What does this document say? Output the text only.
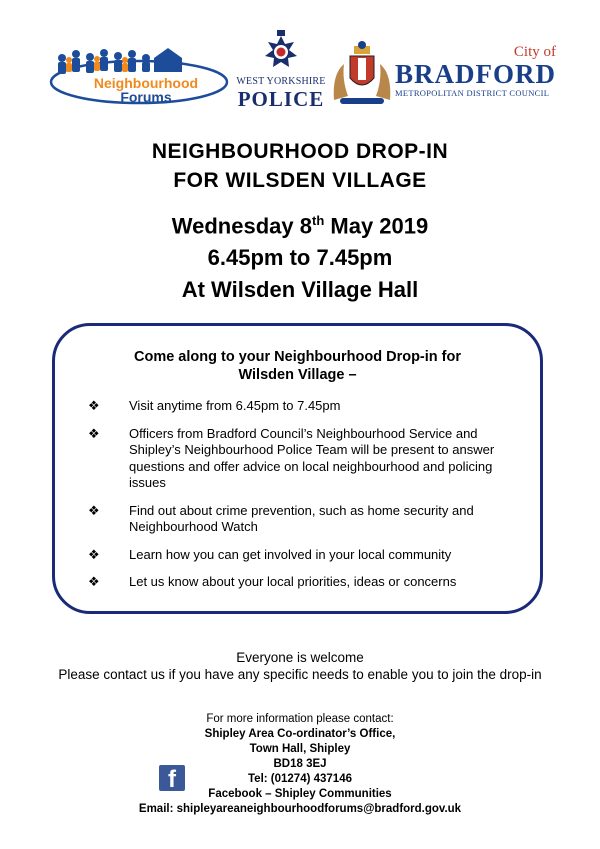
Neighbourhood
Forums
WEST YORKSHIRE
POLICE
City of
BRADFORD
METROPOLITAN DISTRICT COUNCIL
NEIGHBOURHOOD DROP-IN
FOR WILSDEN VILLAGE
Wednesday 8th May 2019
6.45pm to 7.45pm
At Wilsden Village Hall
Come along to your Neighbourhood Drop-in for
Wilsden Village –
❖ Visit anytime from 6.45pm to 7.45pm
❖ Officers from Bradford Council’s Neighbourhood Service and Shipley’s Neighbourhood Police Team will be present to answer questions and offer advice on local neighbourhood and policing issues
❖ Find out about crime prevention, such as home security and Neighbourhood Watch
❖ Learn how you can get involved in your local community
❖ Let us know about your local priorities, ideas or concerns
Everyone is welcome
Please contact us if you have any specific needs to enable you to join the drop-in
For more information please contact:
Shipley Area Co-ordinator’s Office,
Town Hall, Shipley
BD18 3EJ
Tel: (01274) 437146
Facebook – Shipley Communities
Email: shipleyareaneighbourhoodforums@bradford.gov.uk
f
